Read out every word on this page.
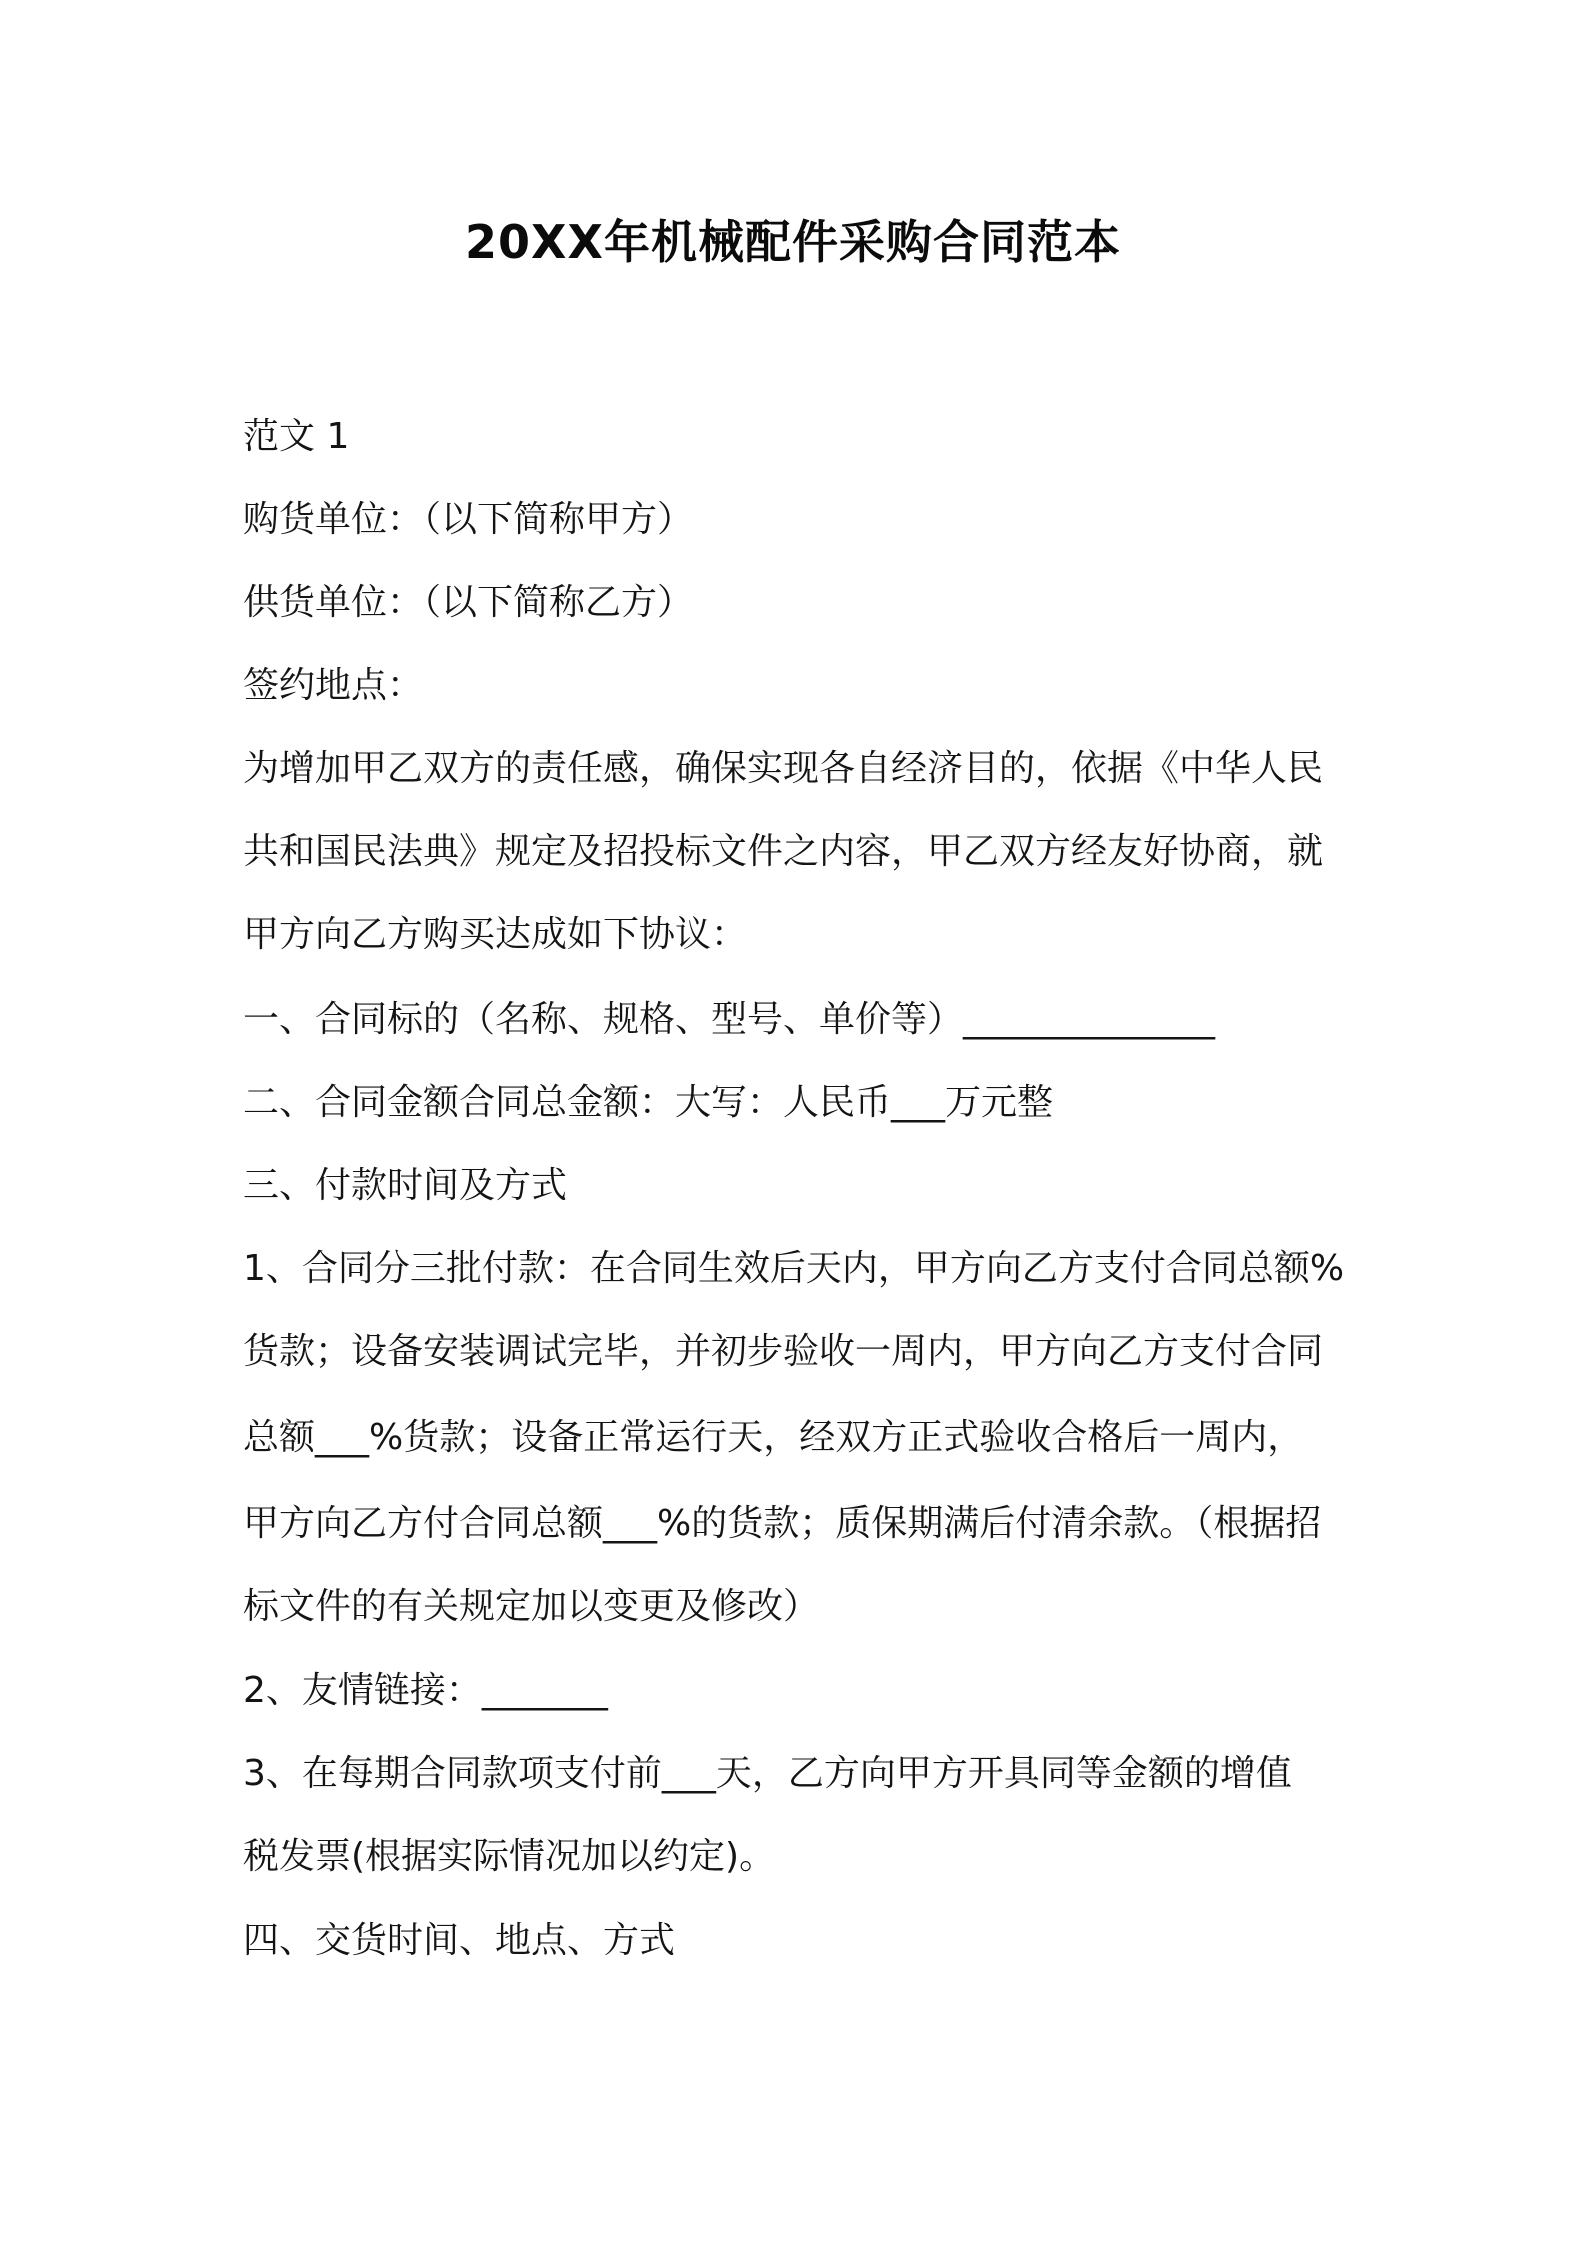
20XX年机械配件采购合同范本
范文 1
购货单位：（以下简称甲方）
供货单位：（以下简称乙方）
签约地点：
为增加甲乙双方的责任感，确保实现各自经济目的，依据《中华人民
共和国民法典》规定及招投标文件之内容，甲乙双方经友好协商，就
甲方向乙方购买达成如下协议：
一、合同标的（名称、规格、型号、单价等）______________
二、合同金额合同总金额：大写：人民币___万元整
三、付款时间及方式
1、合同分三批付款：在合同生效后天内，甲方向乙方支付合同总额%
货款；设备安装调试完毕，并初步验收一周内，甲方向乙方支付合同
总额___%货款；设备正常运行天，经双方正式验收合格后一周内，
甲方向乙方付合同总额___%的货款；质保期满后付清余款。（根据招
标文件的有关规定加以变更及修改）
2、友情链接：_______
3、在每期合同款项支付前___天，乙方向甲方开具同等金额的增值
税发票(根据实际情况加以约定)。
四、交货时间、地点、方式
